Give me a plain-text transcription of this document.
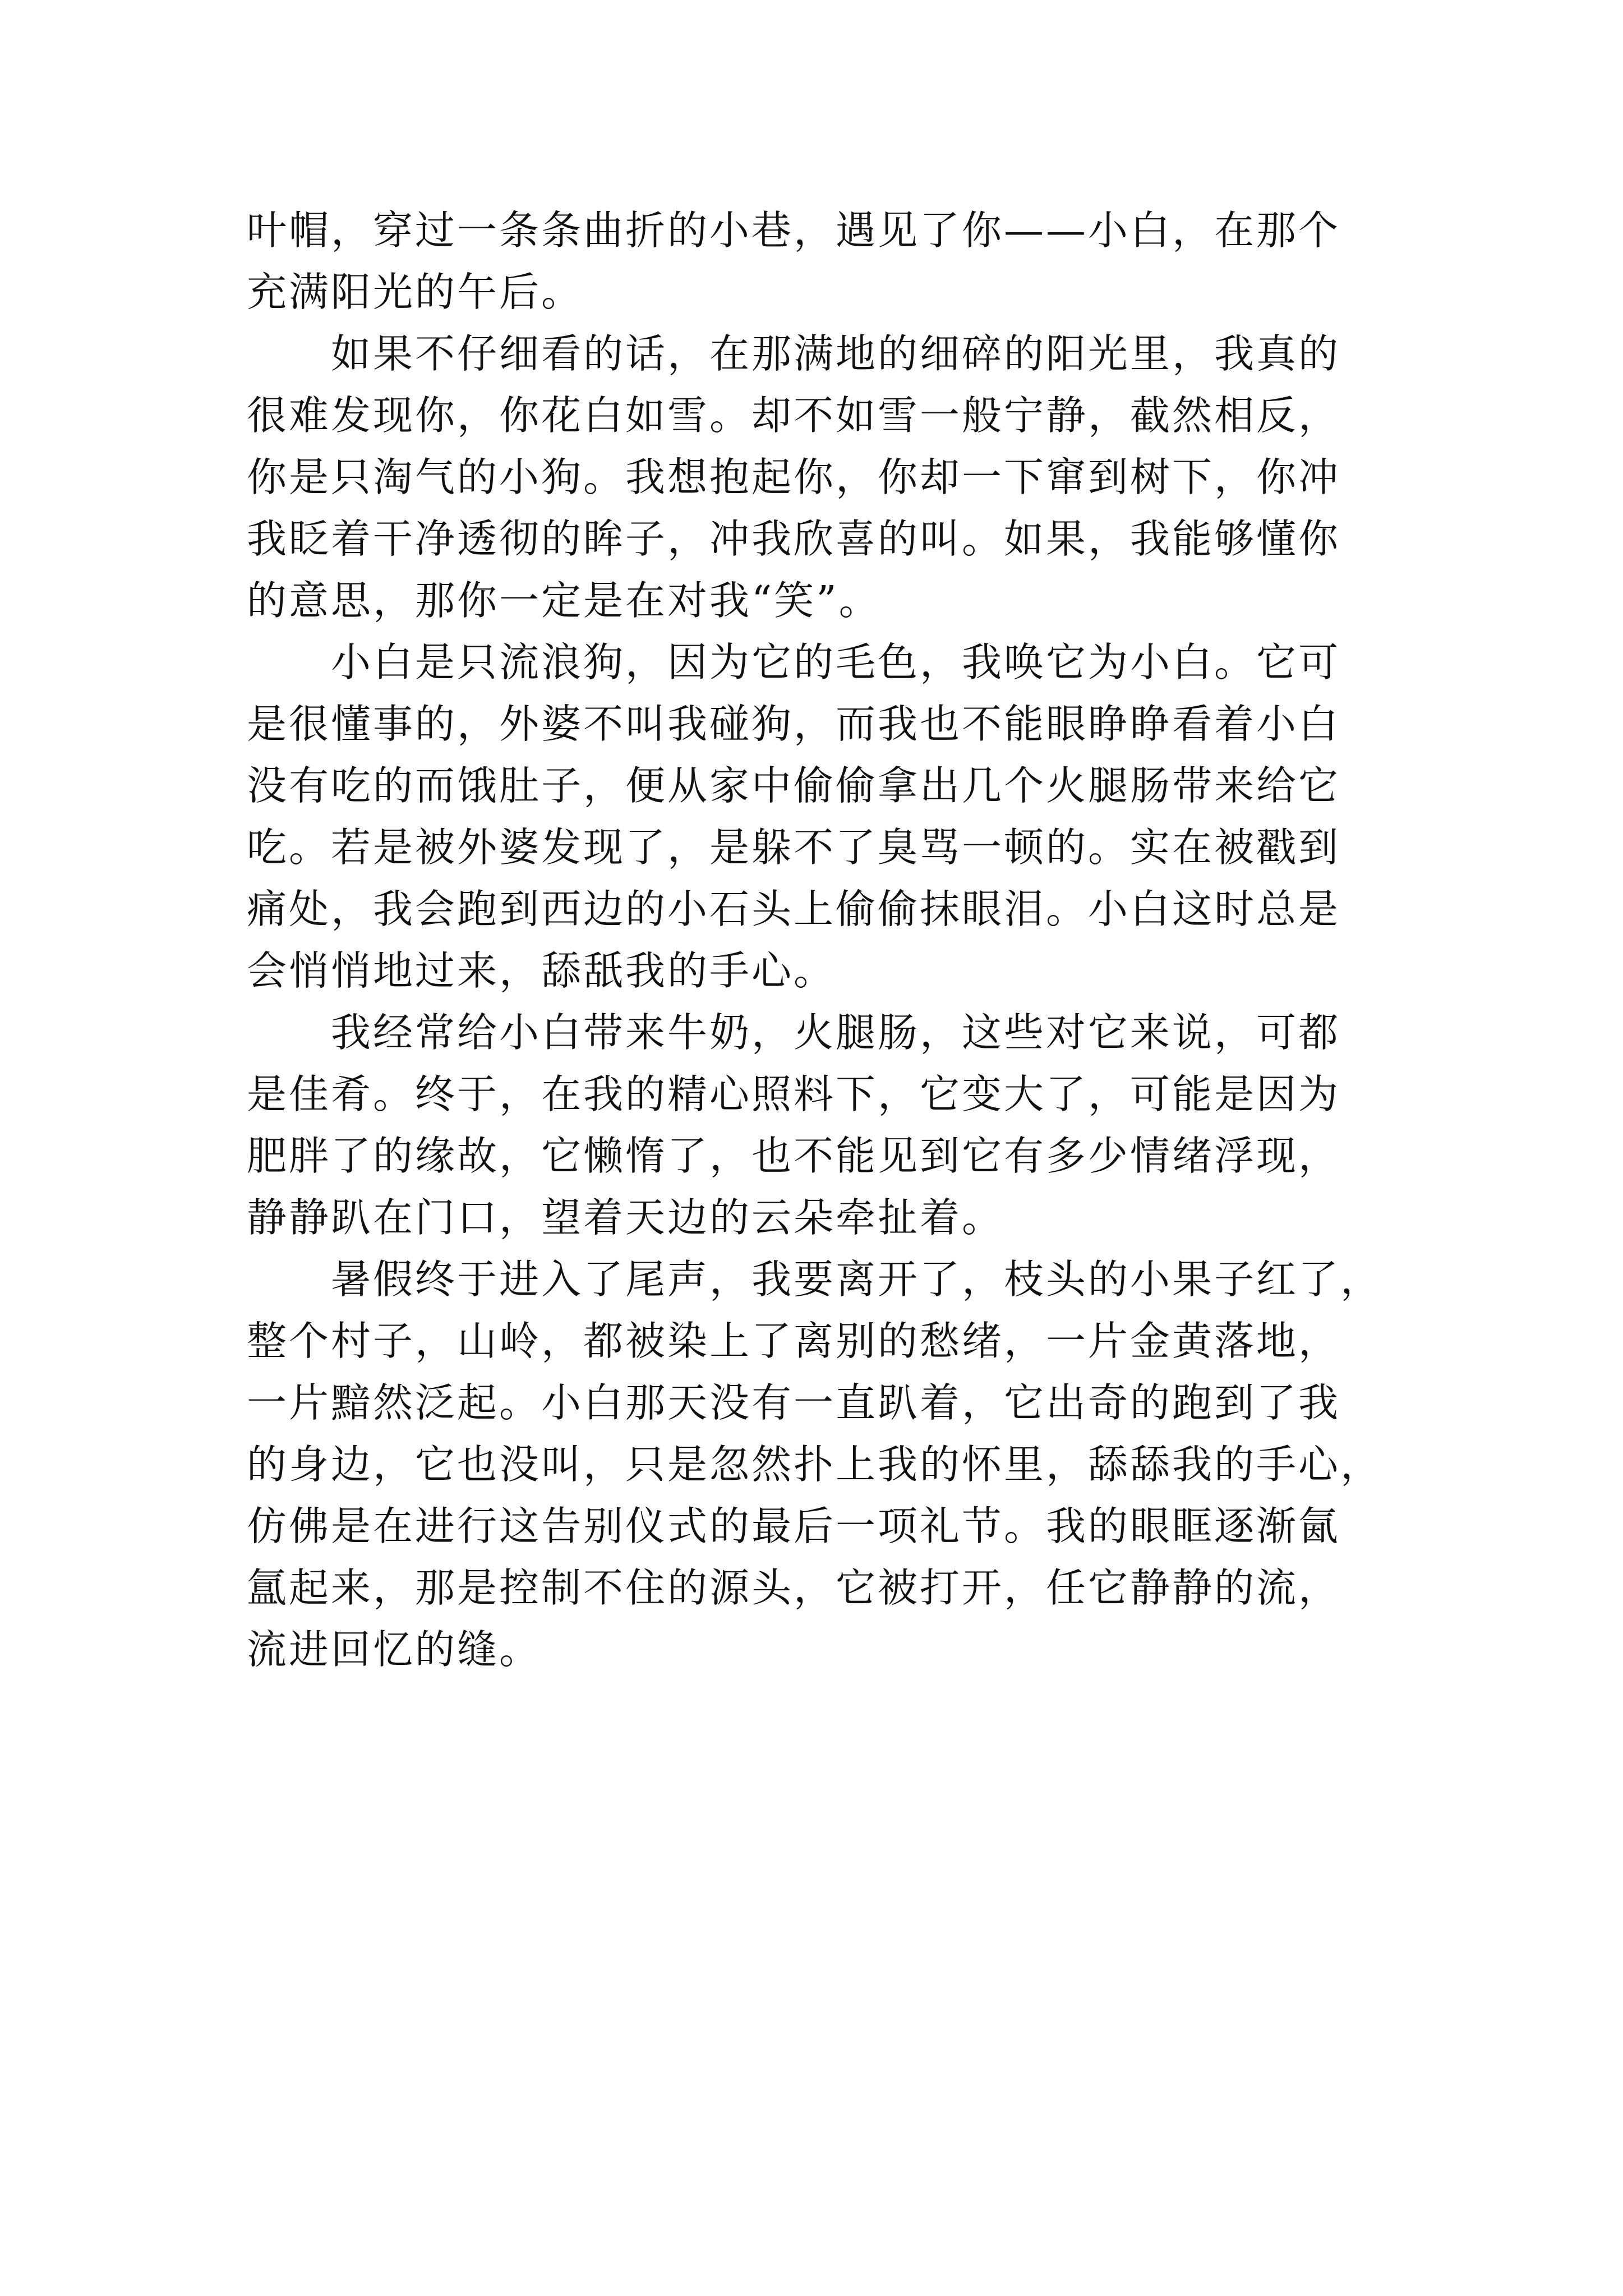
叶帽，穿过一条条曲折的小巷，遇见了你——小白，在那个
充满阳光的午后。
如果不仔细看的话，在那满地的细碎的阳光里，我真的
很难发现你，你花白如雪。却不如雪一般宁静，截然相反，
你是只淘气的小狗。我想抱起你，你却一下窜到树下，你冲
我眨着干净透彻的眸子，冲我欣喜的叫。如果，我能够懂你
的意思，那你一定是在对我“笑”。
小白是只流浪狗，因为它的毛色，我唤它为小白。它可
是很懂事的，外婆不叫我碰狗，而我也不能眼睁睁看着小白
没有吃的而饿肚子，便从家中偷偷拿出几个火腿肠带来给它
吃。若是被外婆发现了，是躲不了臭骂一顿的。实在被戳到
痛处，我会跑到西边的小石头上偷偷抹眼泪。小白这时总是
会悄悄地过来，舔舐我的手心。
我经常给小白带来牛奶，火腿肠，这些对它来说，可都
是佳肴。终于，在我的精心照料下，它变大了，可能是因为
肥胖了的缘故，它懒惰了，也不能见到它有多少情绪浮现，
静静趴在门口，望着天边的云朵牵扯着。
暑假终于进入了尾声，我要离开了，枝头的小果子红了，
整个村子，山岭，都被染上了离别的愁绪，一片金黄落地，
一片黯然泛起。小白那天没有一直趴着，它出奇的跑到了我
的身边，它也没叫，只是忽然扑上我的怀里，舔舔我的手心，
仿佛是在进行这告别仪式的最后一项礼节。我的眼眶逐渐氤
氲起来，那是控制不住的源头，它被打开，任它静静的流，
流进回忆的缝。
